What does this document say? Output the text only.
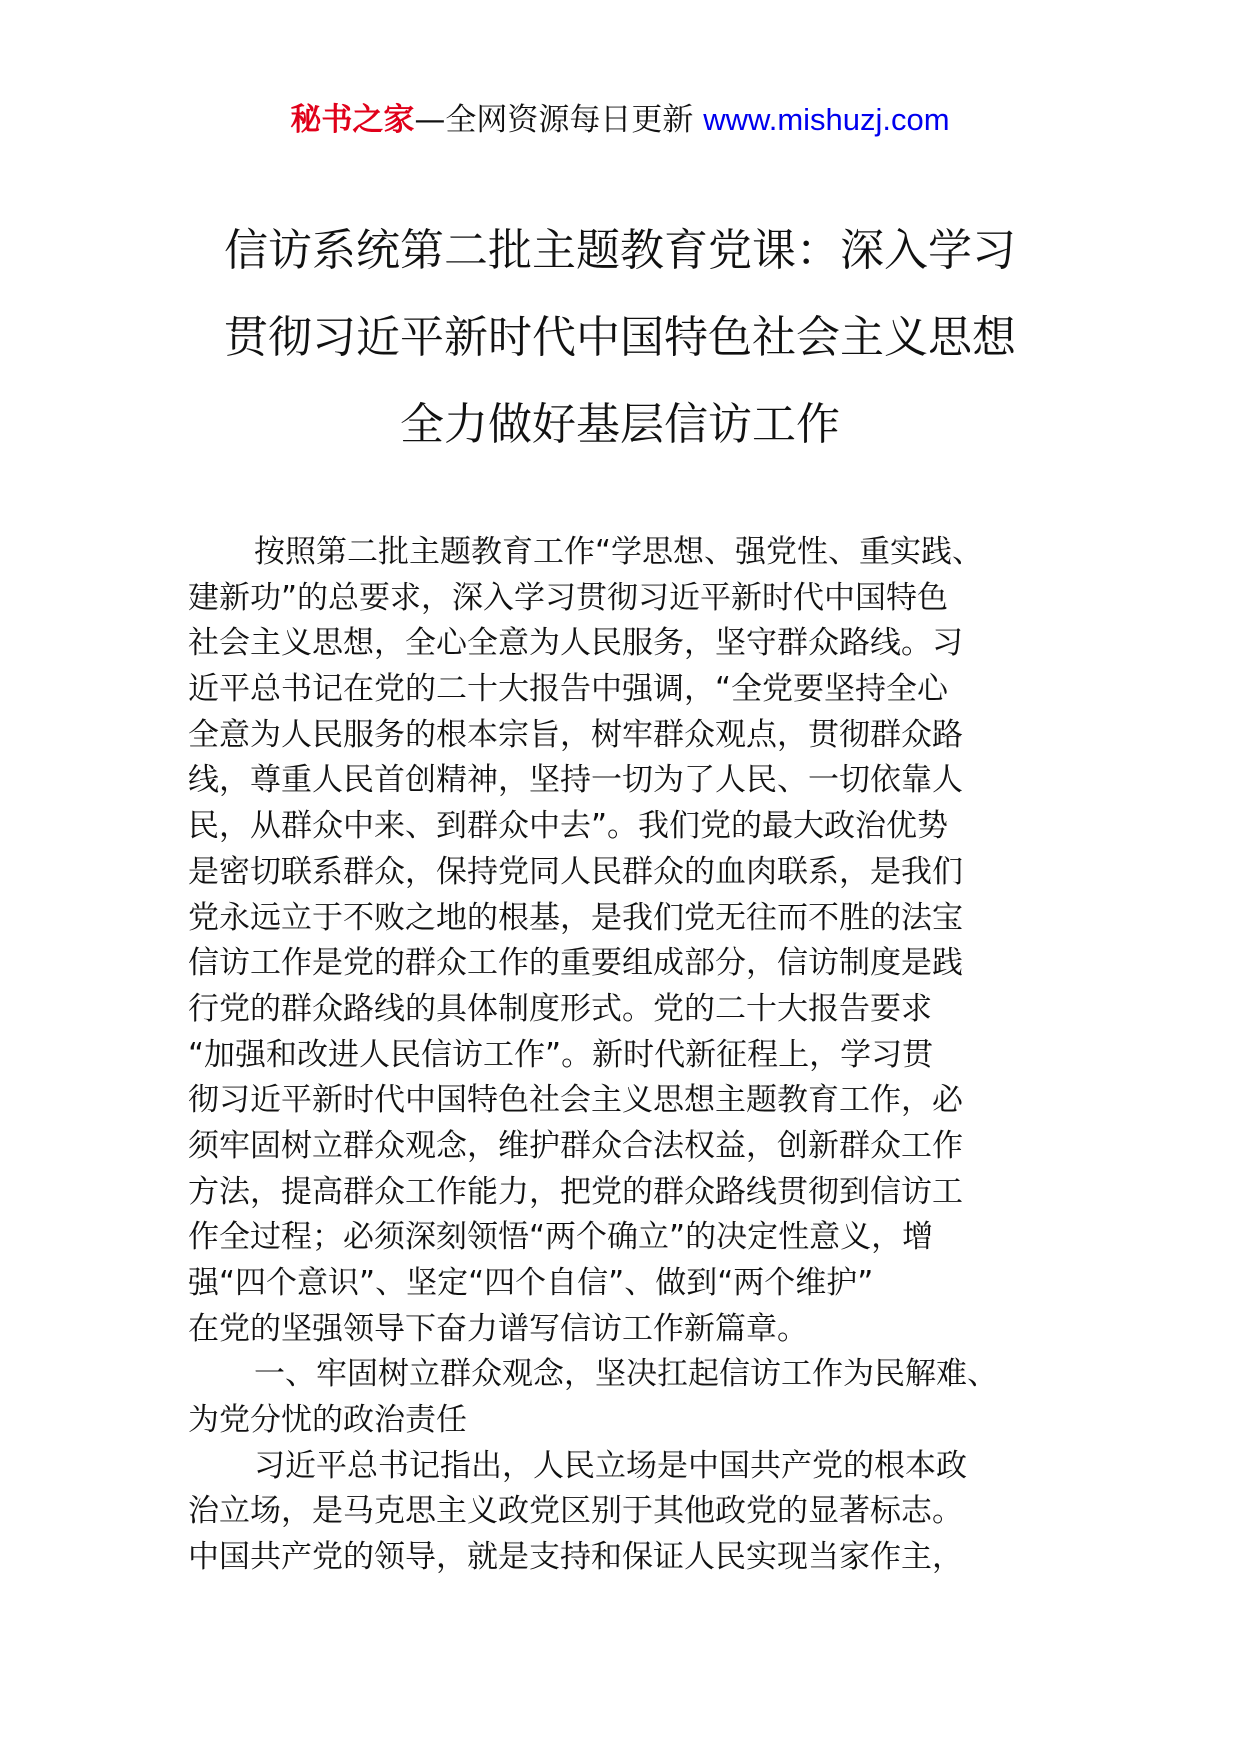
秘书之家—全网资源每日更新 www.mishuzj.com
信访系统第二批主题教育党课：深入学习
贯彻习近平新时代中国特色社会主义思想
全力做好基层信访工作
按照第二批主题教育工作“学思想、强党性、重实践、
建新功”的总要求，深入学习贯彻习近平新时代中国特色
社会主义思想，全心全意为人民服务，坚守群众路线。习
近平总书记在党的二十大报告中强调，“全党要坚持全心
全意为人民服务的根本宗旨，树牢群众观点，贯彻群众路
线，尊重人民首创精神，坚持一切为了人民、一切依靠人
民，从群众中来、到群众中去”。我们党的最大政治优势
是密切联系群众，保持党同人民群众的血肉联系，是我们
党永远立于不败之地的根基，是我们党无往而不胜的法宝
信访工作是党的群众工作的重要组成部分，信访制度是践
行党的群众路线的具体制度形式。党的二十大报告要求
“加强和改进人民信访工作”。新时代新征程上，学习贯
彻习近平新时代中国特色社会主义思想主题教育工作，必
须牢固树立群众观念，维护群众合法权益，创新群众工作
方法，提高群众工作能力，把党的群众路线贯彻到信访工
作全过程；必须深刻领悟“两个确立”的决定性意义，增
强“四个意识”、坚定“四个自信”、做到“两个维护”
在党的坚强领导下奋力谱写信访工作新篇章。
一、牢固树立群众观念，坚决扛起信访工作为民解难、
为党分忧的政治责任
习近平总书记指出，人民立场是中国共产党的根本政
治立场，是马克思主义政党区别于其他政党的显著标志。
中国共产党的领导，就是支持和保证人民实现当家作主，
